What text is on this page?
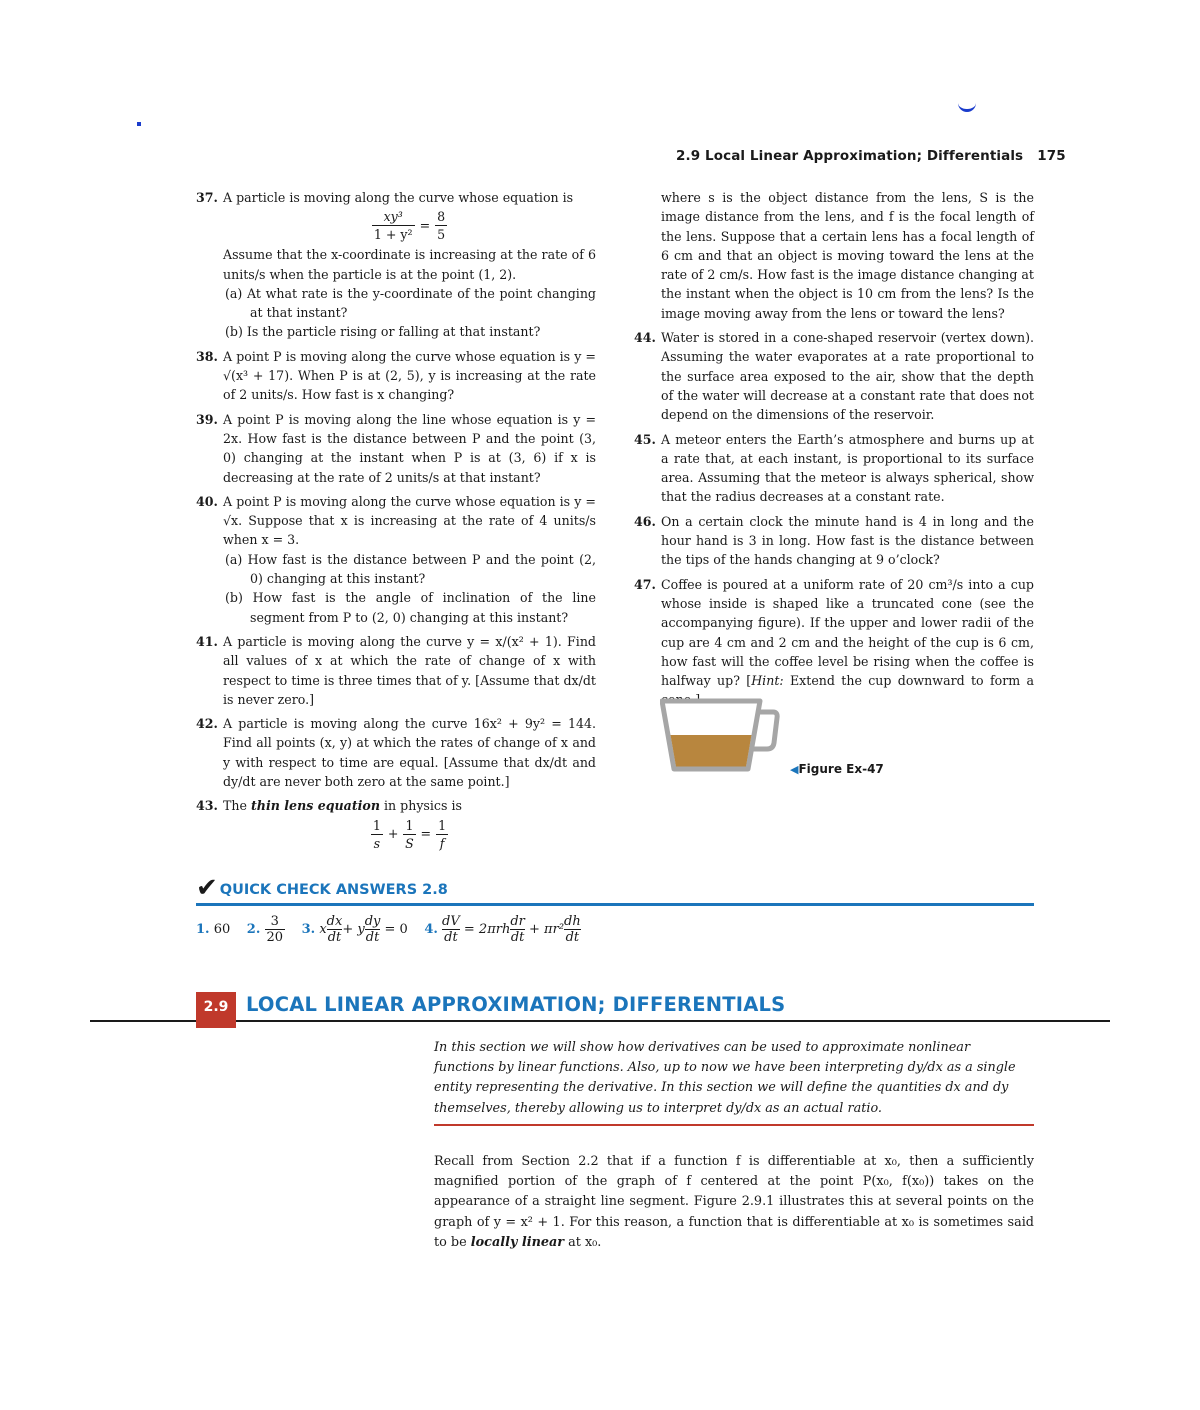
2.9 Local Linear Approximation; Differentials 175
37. A particle is moving along the curve whose equation is
$\frac{\text{xy³}}{\text{1 + y²}} = \frac{8}{5}$
Assume that the x-coordinate is increasing at the rate of 6 units/s when the particle is at the point (1, 2).
(a) At what rate is the y-coordinate of the point changing at that instant?
(b) Is the particle rising or falling at that instant?
38. A point P is moving along the curve whose equation is y = √(x³ + 17). When P is at (2, 5), y is increasing at the rate of 2 units/s. How fast is x changing?
39. A point P is moving along the line whose equation is y = 2x. How fast is the distance between P and the point (3, 0) changing at the instant when P is at (3, 6) if x is decreasing at the rate of 2 units/s at that instant?
40. A point P is moving along the curve whose equation is y = √x. Suppose that x is increasing at the rate of 4 units/s when x = 3.
(a) How fast is the distance between P and the point (2, 0) changing at this instant?
(b) How fast is the angle of inclination of the line segment from P to (2, 0) changing at this instant?
41. A particle is moving along the curve y = x/(x² + 1). Find all values of x at which the rate of change of x with respect to time is three times that of y. [Assume that dx/dt is never zero.]
42. A particle is moving along the curve 16x² + 9y² = 144. Find all points (x, y) at which the rates of change of x and y with respect to time are equal. [Assume that dx/dt and dy/dt are never both zero at the same point.]
43. The thin lens equation in physics is
$\frac{1}{s} + \frac{1}{S} = \frac{1}{f}$
where s is the object distance from the lens, S is the image distance from the lens, and f is the focal length of the lens. Suppose that a certain lens has a focal length of 6 cm and that an object is moving toward the lens at the rate of 2 cm/s. How fast is the image distance changing at the instant when the object is 10 cm from the lens? Is the image moving away from the lens or toward the lens?
44. Water is stored in a cone-shaped reservoir (vertex down). Assuming the water evaporates at a rate proportional to the surface area exposed to the air, show that the depth of the water will decrease at a constant rate that does not depend on the dimensions of the reservoir.
45. A meteor enters the Earth’s atmosphere and burns up at a rate that, at each instant, is proportional to its surface area. Assuming that the meteor is always spherical, show that the radius decreases at a constant rate.
46. On a certain clock the minute hand is 4 in long and the hour hand is 3 in long. How fast is the distance between the tips of the hands changing at 9 o’clock?
47. Coffee is poured at a uniform rate of 20 cm³/s into a cup whose inside is shaped like a truncated cone (see the accompanying figure). If the upper and lower radii of the cup are 4 cm and 2 cm and the height of the cup is 6 cm, how fast will the coffee level be rising when the coffee is halfway up? [Hint: Extend the cup downward to form a
◀Figure Ex-47
✔ QUICK CHECK ANSWERS 2.8
1. 60 2. $\frac{3}{20} 3$. x $\frac{dx}{dt} + y \frac{dy}{dt} = 0$ 4. $\frac{dV}{dt} = 2\pi rh \frac{dr}{dt} + \pi r^2 \frac{dh}{dt}$
2.9 LOCAL LINEAR APPROXIMATION; DIFFERENTIALS
In this section we will show how derivatives can be used to approximate nonlinear functions by linear functions. Also, up to now we have been interpreting dy/dx as a single entity representing the derivative. In this section we will define the quantities dx and dy themselves, thereby allowing us to interpret dy/dx as an actual ratio.
Recall from Section 2.2 that if a function f is differentiable at x₀, then a sufficiently magnified portion of the graph of f centered at the point P(x₀, f(x₀)) takes on the appearance of a straight line segment. Figure 2.9.1 illustrates this at several points on the graph of y = x² + 1. For this reason, a function that is differentiable at x₀ is sometimes said to be locally linear at x₀.
